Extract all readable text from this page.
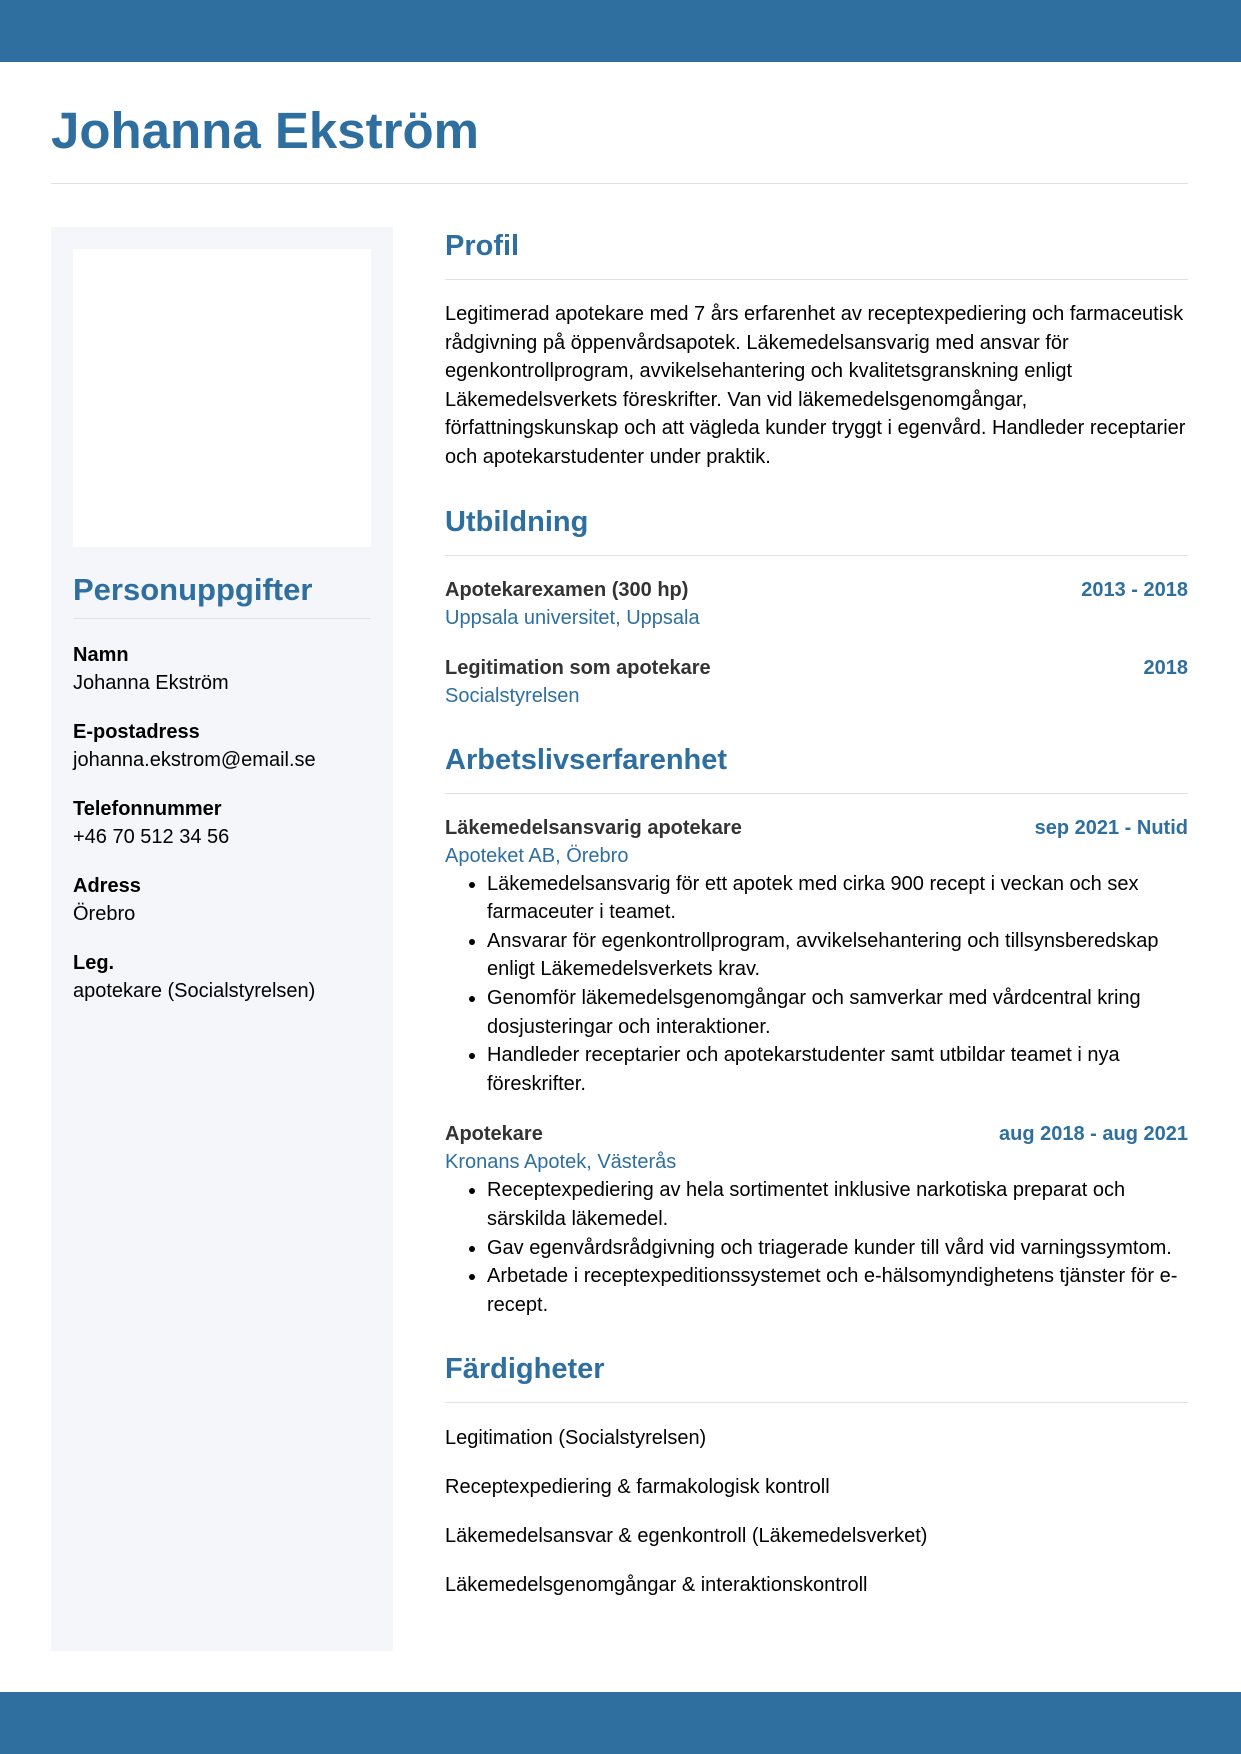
Johanna Ekström
Personuppgifter
Namn
Johanna Ekström
E-postadress
johanna.ekstrom@email.se
Telefonnummer
+46 70 512 34 56
Adress
Örebro
Leg.
apotekare (Socialstyrelsen)
Profil

Legitimerad apotekare med 7 års erfarenhet av receptexpediering och farmaceutisk rådgivning på öppenvårdsapotek. Läkemedelsansvarig med ansvar för egenkontrollprogram, avvikelsehantering och kvalitetsgranskning enligt Läkemedelsverkets föreskrifter. Van vid läkemedelsgenomgångar, författningskunskap och att vägleda kunder tryggt i egenvård. Handleder receptarier och apotekarstudenter under praktik.

Utbildning
Apotekarexamen (300 hp)	2013 - 2018
Uppsala universitet, Uppsala
Legitimation som apotekare	2018
Socialstyrelsen
Arbetslivserfarenhet
Läkemedelsansvarig apotekare	sep 2021 - Nutid
Apoteket AB, Örebro
• Läkemedelsansvarig för ett apotek med cirka 900 recept i veckan och sex farmaceuter i teamet.
• Ansvarar för egenkontrollprogram, avvikelsehantering och tillsynsberedskap enligt Läkemedelsverkets krav.
• Genomför läkemedelsgenomgångar och samverkar med vårdcentral kring dosjusteringar och interaktioner.
• Handleder receptarier och apotekarstudenter samt utbildar teamet i nya föreskrifter.
Apotekare	aug 2018 - aug 2021
Kronans Apotek, Västerås
• Receptexpediering av hela sortimentet inklusive narkotiska preparat och särskilda läkemedel.
• Gav egenvårdsrådgivning och triagerade kunder till vård vid varningssymtom.
• Arbetade i receptexpeditionssystemet och e-hälsomyndighetens tjänster för e-recept.
Färdigheter
Legitimation (Socialstyrelsen)
Receptexpediering & farmakologisk kontroll
Läkemedelsansvar & egenkontroll (Läkemedelsverket)
Läkemedelsgenomgångar & interaktionskontroll
